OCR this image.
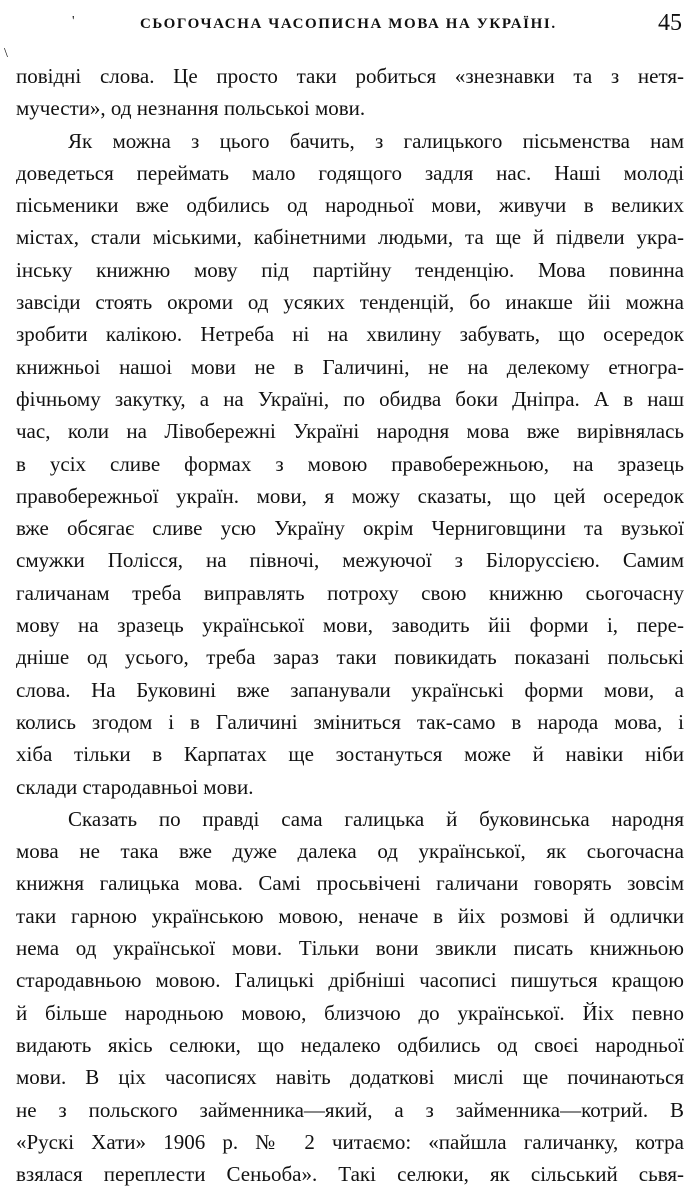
'	СЬОГОЧАСНА ЧАСОПИСНА МОВА НА УКРАЇНІ.	45
\
повідні слова. Це просто таки робиться «знезнавки та з нетя-
мучести», од незнання польськоі мови.
Як можна з цього бачить, з галицького пісьменства нам
доведеться переймать мало годящого задля нас. Наші молоді
пісьменики вже одбились од народньої мови, живучи в великих
містах, стали міськими, кабінетними людьми, та ще й підвели укра-
інську книжню мову під партійну тенденцію. Мова повинна
завсіди стоять окроми од усяких тенденцій, бо инакше йіі можна
зробити калікою. Нетреба ні на хвилину забувать, що осередок
книжньоі нашоі мови не в Галичині, не на делекому етногра-
фічньому закутку, а на Україні, по обидва боки Дніпра. А в наш
час, коли на Лівобережні Україні народня мова вже вирівнялась
в усіх сливе формах з мовою правобережньою, на зразець
правобережньої україн. мови, я можу сказаты, що цей осередок
вже обсягає сливе усю Україну окрім Черниговщини та вузької
смужки Полісся, на півночі, межуючої з Білоруссією. Самим
галичанам треба виправлять потроху свою книжню сьогочасну
мову на зразець української мови, заводить йіі форми і, пере-
дніше од усього, треба зараз таки повикидать показані польські
слова. На Буковині вже запанували українські форми мови, а
колись згодом і в Галичині зміниться так-само в народа мова, і
хіба тільки в Карпатах ще зостануться може й навіки ніби
склади стародавньоі мови.
Сказать по правді сама галицька й буковинська народня
мова не така вже дуже далека од української, як сьогочасна
книжня галицька мова. Самі просьвічені галичани говорять зовсім
таки гарною українською мовою, неначе в йіх розмові й одлички
нема од української мови. Тільки вони звикли писать книжньою
стародавньою мовою. Галицькі дрібніші часописі пишуться кращою
й більше народньою мовою, близчою до української. Йіх певно
видають якісь селюки, що недалеко одбились од своєі народньої
мови. В ціх часописях навіть додаткові мислі ще починаються
не з польского займенника—який, а з займенника—котрий. В
«Рускі Хати» 1906 р. № 2 читаємо: «пайшла галичанку, котра
взялася переплести Сеньоба». Такі селюки, як сільський сьвя-
